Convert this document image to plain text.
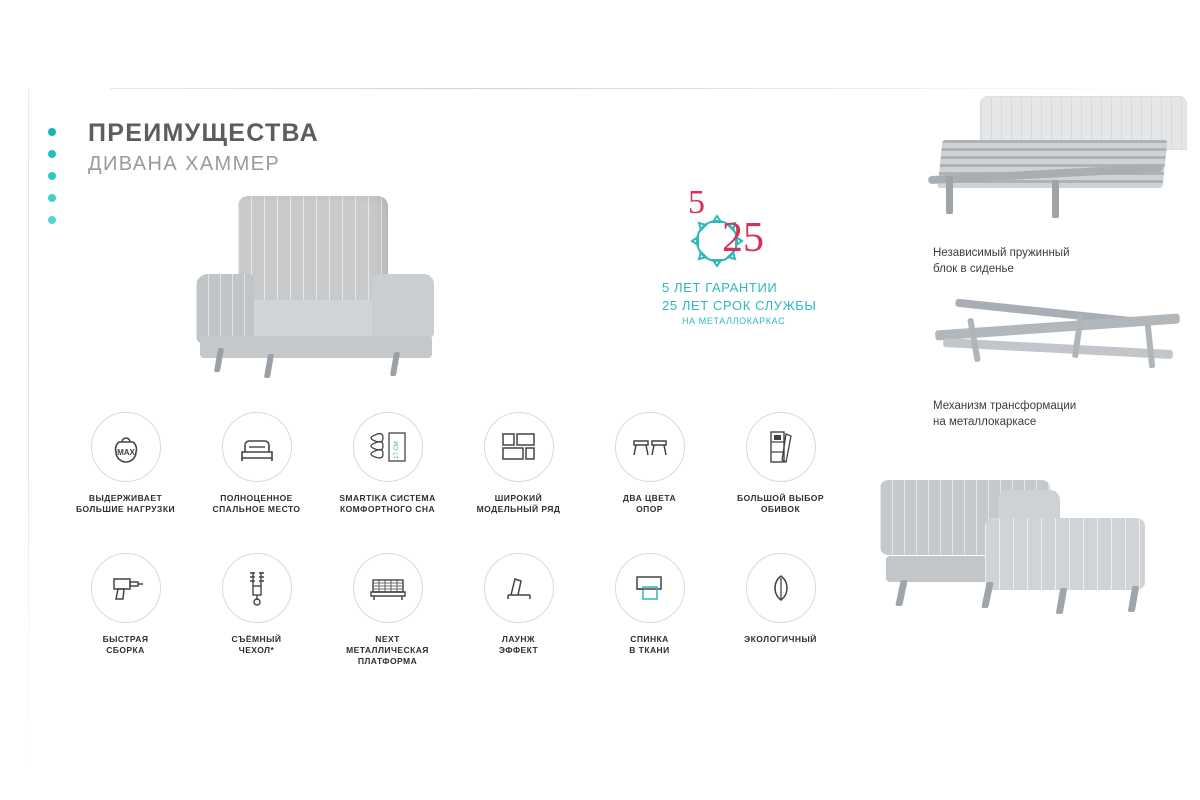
ПРЕИМУЩЕСТВА
ДИВАНА ХАММЕР
5
25
5 ЛЕТ ГАРАНТИИ
25 ЛЕТ СРОК СЛУЖБЫ
НА МЕТАЛЛОКАРКАС
Независимый пружинный
блок в сиденье
Механизм трансформации
на металлокаркасе
MAX
ВЫДЕРЖИВАЕТ
БОЛЬШИЕ НАГРУЗКИ
ПОЛНОЦЕННОЕ
СПАЛЬНОЕ МЕСТО
17 СМ
SMARTIKA СИСТЕМА
КОМФОРТНОГО СНА
ШИРОКИЙ
МОДЕЛЬНЫЙ РЯД
ДВА ЦВЕТА
ОПОР
БОЛЬШОЙ ВЫБОР
ОБИВОК
БЫСТРАЯ
СБОРКА
СЪЁМНЫЙ
ЧЕХОЛ*
NEXT
МЕТАЛЛИЧЕСКАЯ
ПЛАТФОРМА
ЛАУНЖ
ЭФФЕКТ
СПИНКА
В ТКАНИ
ЭКОЛОГИЧНЫЙ
